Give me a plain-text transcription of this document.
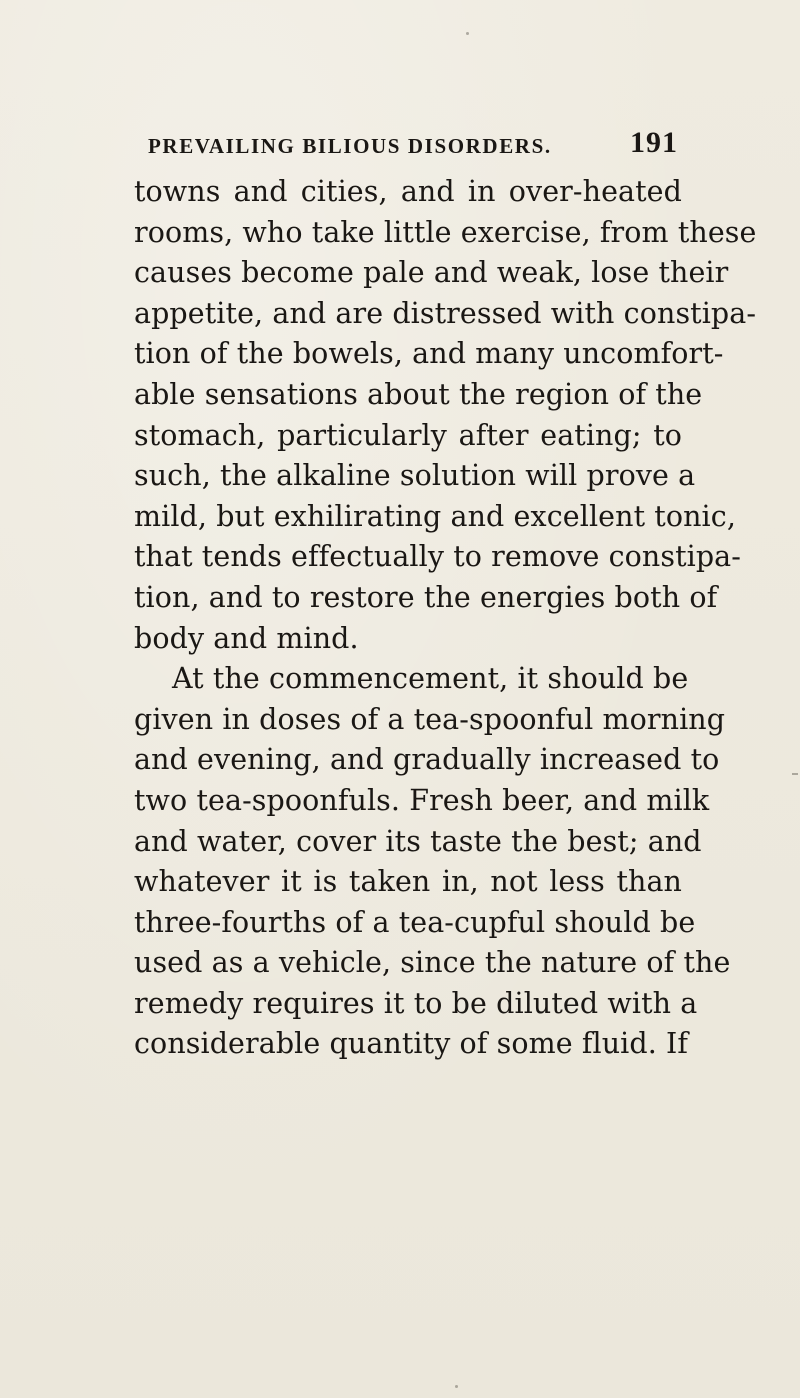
PREVAILING BILIOUS DISORDERS.	191
towns and cities, and in over-heated
rooms, who take little exercise, from these
causes become pale and weak, lose their
appetite, and are distressed with constipa-
tion of the bowels, and many uncomfort-
able sensations about the region of the
stomach, particularly after eating; to
such, the alkaline solution will prove a
mild, but exhilirating and excellent tonic,
that tends effectually to remove constipa-
tion, and to restore the energies both of
body and mind.
At the commencement, it should be
given in doses of a tea-spoonful morning
and evening, and gradually increased to
two tea-spoonfuls. Fresh beer, and milk
and water, cover its taste the best; and
whatever it is taken in, not less than
three-fourths of a tea-cupful should be
used as a vehicle, since the nature of the
remedy requires it to be diluted with a
considerable quantity of some fluid. If
